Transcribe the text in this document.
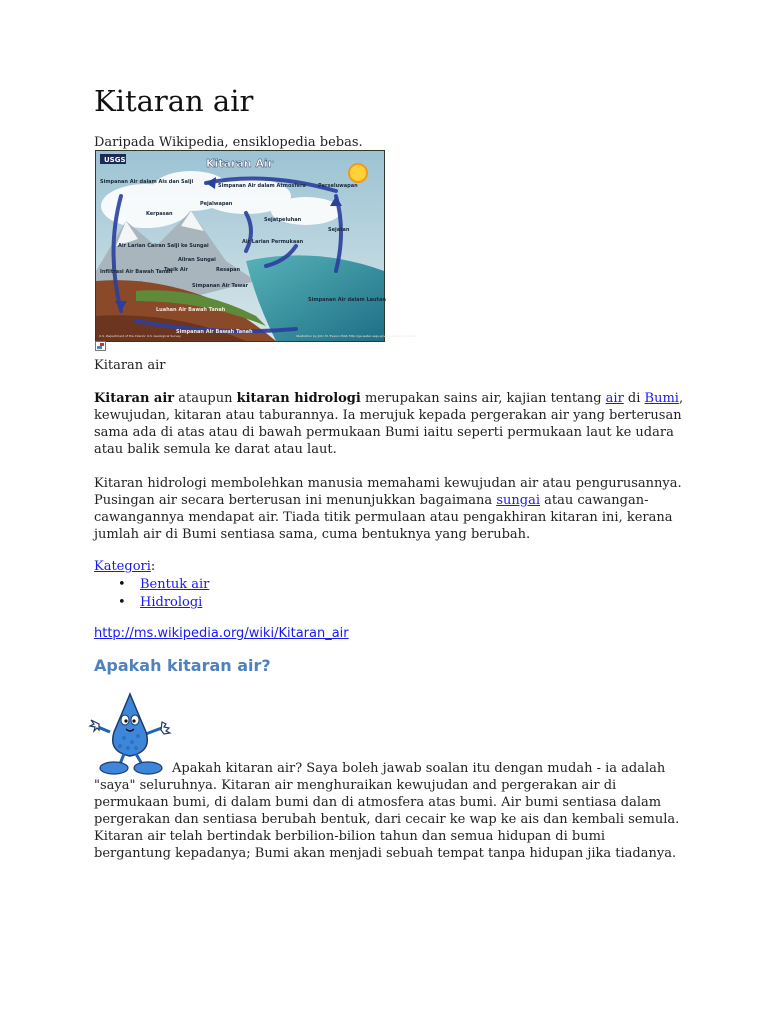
Kitaran air
Daripada Wikipedia, ensiklopedia bebas.
USGS	Kitaran Air
Simpanan Air dalam Ais dan Salji
Simpanan Air dalam Atmosfera
Pejalwapan
Perseluwapan
Kerpasan
Sejatpeluhan
Sejatan
Air Larian Cairan Salji ke Sungai
Air Larian Permukaan
Aliran Sungai
Resapan
Infiltrasi Air Bawah Tanah
Tasik Air
Simpanan Air Tawar
Simpanan Air dalam Lautan
Luahan Air Bawah Tanah
Simpanan Air Bawah Tanah
U.S. Department of the Interior U.S. Geological Survey	Illustration by John M. Evans USGS http://ga.water.usgs.gov/edu/watercycle.html
Kitaran air

Kitaran air ataupun kitaran hidrologi merupakan sains air, kajian tentang air di Bumi, kewujudan, kitaran atau taburannya. Ia merujuk kepada pergerakan air yang berterusan sama ada di atas atau di bawah permukaan Bumi iaitu seperti permukaan laut ke udara atau balik semula ke darat atau laut.

Kitaran hidrologi membolehkan manusia memahami kewujudan air atau pengurusannya. Pusingan air secara berterusan ini menunjukkan bagaimana sungai atau cawangan-cawangannya mendapat air. Tiada titik permulaan atau pengakhiran kitaran ini, kerana jumlah air di Bumi sentiasa sama, cuma bentuknya yang berubah.

Kategori:
• Bentuk air
• Hidrologi
http://ms.wikipedia.org/wiki/Kitaran_air
Apakah kitaran air?

Apakah kitaran air? Saya boleh jawab soalan itu dengan mudah - ia adalah "saya" seluruhnya. Kitaran air menghuraikan kewujudan and pergerakan air di permukaan bumi, di dalam bumi dan di atmosfera atas bumi. Air bumi sentiasa dalam pergerakan dan sentiasa berubah bentuk, dari cecair ke wap ke ais dan kembali semula. Kitaran air telah bertindak berbilion-bilion tahun dan semua hidupan di bumi bergantung kepadanya; Bumi akan menjadi sebuah tempat tanpa hidupan jika tiadanya.
